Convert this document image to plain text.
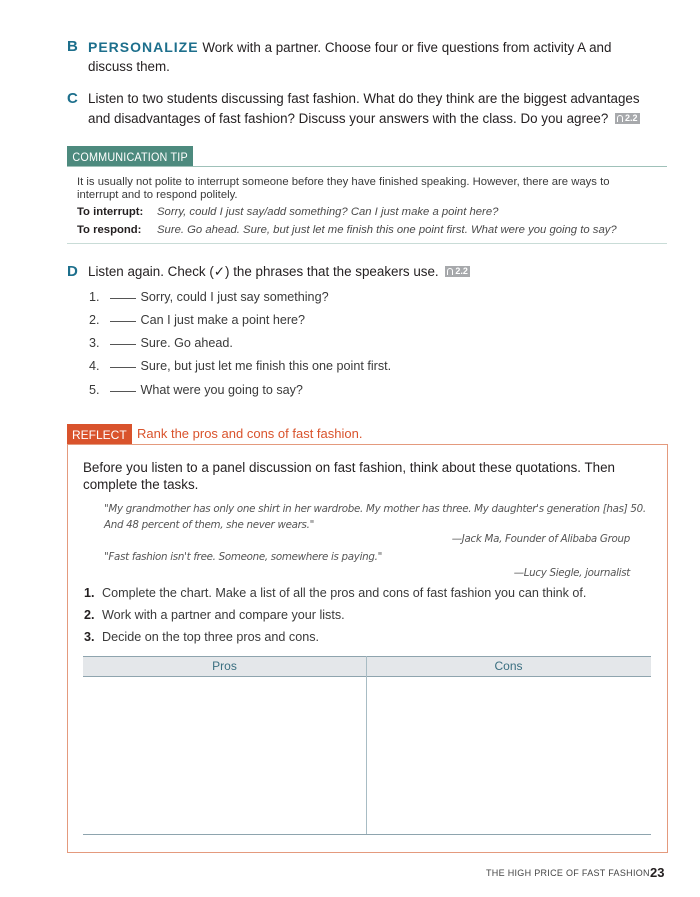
B PERSONALIZE Work with a partner. Choose four or five questions from activity A and
discuss them.
C Listen to two students discussing fast fashion. What do they think are the biggest advantages
and disadvantages of fast fashion? Discuss your answers with the class. Do you agree? 2.2
COMMUNICATION TIP
It is usually not polite to interrupt someone before they have finished speaking. However, there are ways to
interrupt and to respond politely.
To interrupt: Sorry, could I just say/add something? Can I just make a point here?
To respond: Sure. Go ahead. Sure, but just let me finish this one point first. What were you going to say?
D Listen again. Check (✓) the phrases that the speakers use. 2.2
1.	Sorry, could I just say something?
2.	Can I just make a point here?
3.	Sure. Go ahead.
4.	Sure, but just let me finish this one point first.
5.	What were you going to say?
REFLECT Rank the pros and cons of fast fashion.
Before you listen to a panel discussion on fast fashion, think about these quotations. Then
complete the tasks.
"My grandmother has only one shirt in her wardrobe. My mother has three. My daughter's generation [has] 50.
And 48 percent of them, she never wears."
—Jack Ma, Founder of Alibaba Group
"Fast fashion isn't free. Someone, somewhere is paying."
—Lucy Siegle, journalist
1. Complete the chart. Make a list of all the pros and cons of fast fashion you can think of.
2. Work with a partner and compare your lists.
3. Decide on the top three pros and cons.
Pros	Cons
THE HIGH PRICE OF FAST FASHION 23
